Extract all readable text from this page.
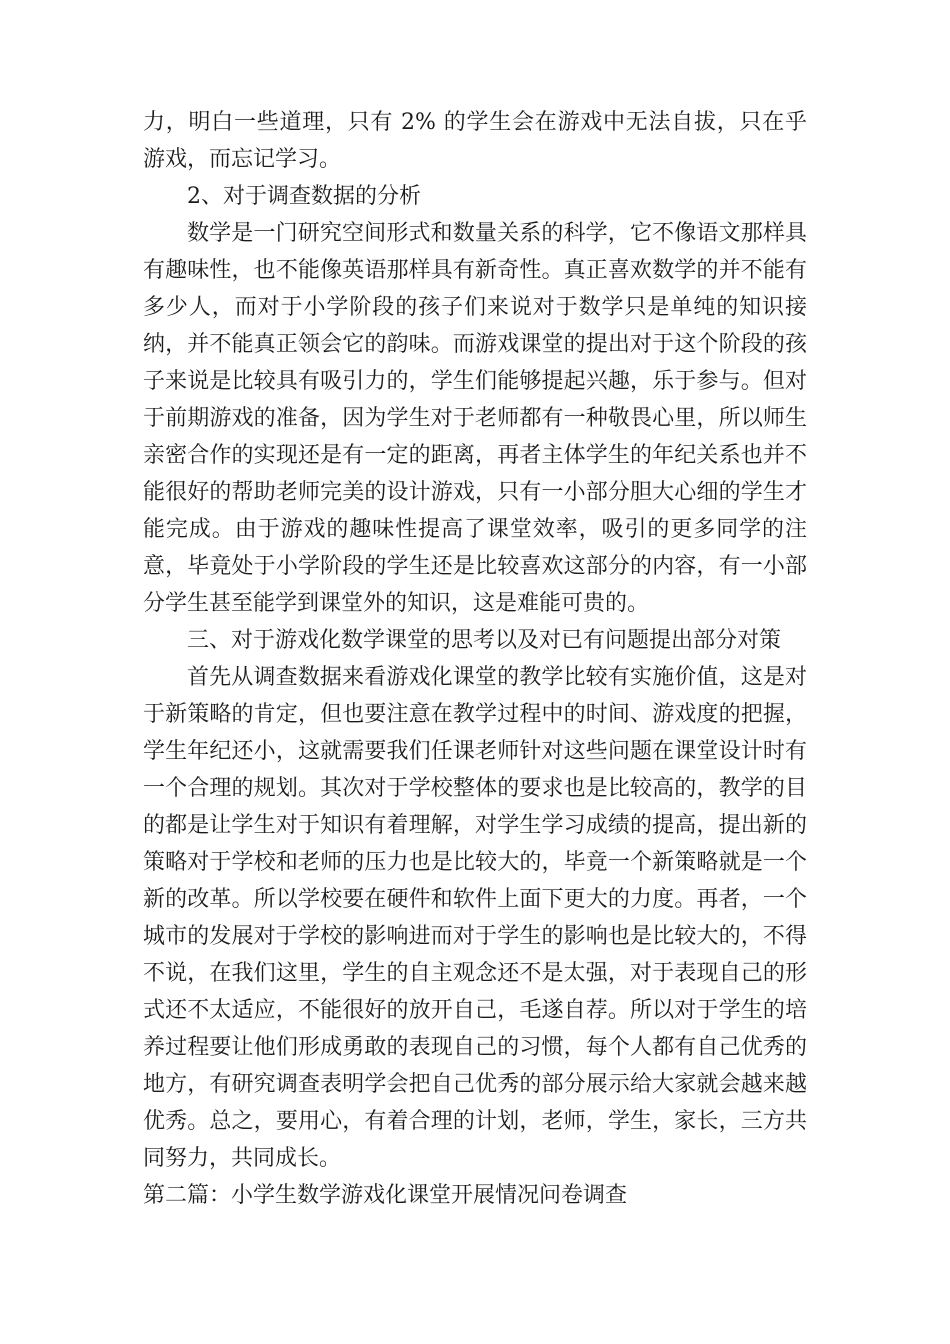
力，明白一些道理，只有 2% 的学生会在游戏中无法自拔，只在乎游戏，而忘记学习。

2、对于调查数据的分析

数学是一门研究空间形式和数量关系的科学，它不像语文那样具有趣味性，也不能像英语那样具有新奇性。真正喜欢数学的并不能有多少人，而对于小学阶段的孩子们来说对于数学只是单纯的知识接纳，并不能真正领会它的韵味。而游戏课堂的提出对于这个阶段的孩子来说是比较具有吸引力的，学生们能够提起兴趣，乐于参与。但对于前期游戏的准备，因为学生对于老师都有一种敬畏心里，所以师生亲密合作的实现还是有一定的距离，再者主体学生的年纪关系也并不能很好的帮助老师完美的设计游戏，只有一小部分胆大心细的学生才能完成。由于游戏的趣味性提高了课堂效率，吸引的更多同学的注意，毕竟处于小学阶段的学生还是比较喜欢这部分的内容，有一小部分学生甚至能学到课堂外的知识，这是难能可贵的。

三、对于游戏化数学课堂的思考以及对已有问题提出部分对策

首先从调查数据来看游戏化课堂的教学比较有实施价值，这是对于新策略的肯定，但也要注意在教学过程中的时间、游戏度的把握，学生年纪还小，这就需要我们任课老师针对这些问题在课堂设计时有一个合理的规划。其次对于学校整体的要求也是比较高的，教学的目的都是让学生对于知识有着理解，对学生学习成绩的提高，提出新的策略对于学校和老师的压力也是比较大的，毕竟一个新策略就是一个新的改革。所以学校要在硬件和软件上面下更大的力度。再者，一个城市的发展对于学校的影响进而对于学生的影响也是比较大的，不得不说，在我们这里，学生的自主观念还不是太强，对于表现自己的形式还不太适应，不能很好的放开自己，毛遂自荐。所以对于学生的培养过程要让他们形成勇敢的表现自己的习惯，每个人都有自己优秀的地方，有研究调查表明学会把自己优秀的部分展示给大家就会越来越优秀。总之，要用心，有着合理的计划，老师，学生，家长，三方共同努力，共同成长。

第二篇：小学生数学游戏化课堂开展情况问卷调查
